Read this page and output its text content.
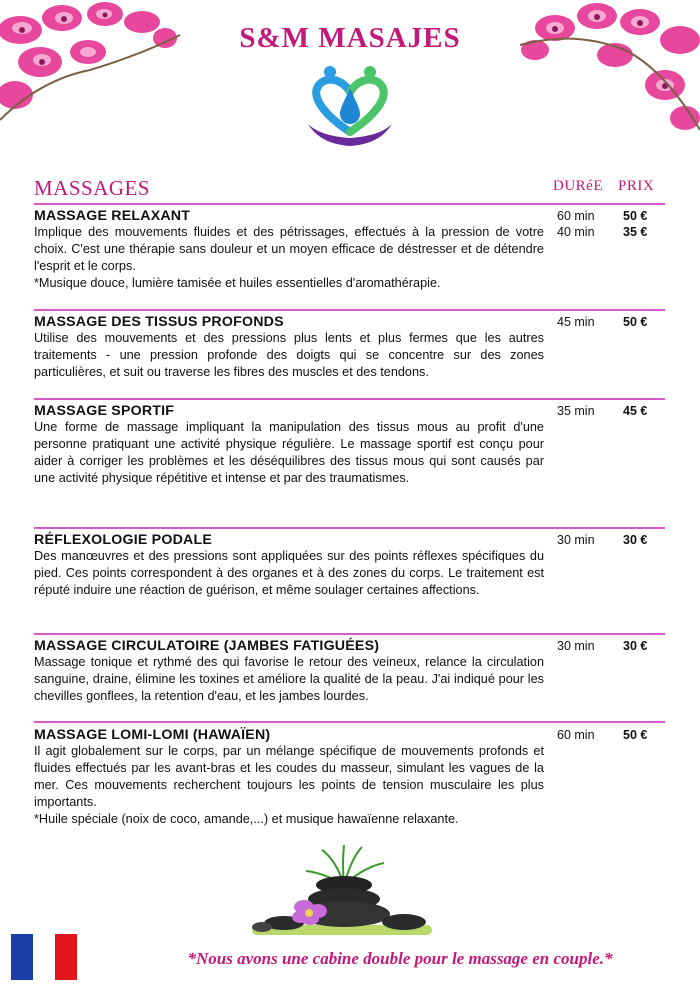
S&M MASAJES
MASSAGES	DURéE PRIX
MASSAGE RELAXANT

Implique des mouvements fluides et des pétrissages, effectués à la pression de votre choix. C'est une thérapie sans douleur et un moyen efficace de déstresser et de détendre l'esprit et le corps.

*Musique douce, lumière tamisée et huiles essentielles d'aromathérapie.

60 min
40 min
50 €
35 €
MASSAGE DES TISSUS PROFONDS

Utilise des mouvements et des pressions plus lents et plus fermes que les autres traitements - une pression profonde des doigts qui se concentre sur des zones particulières, et suit ou traverse les fibres des muscles et des tendons.

45 min 50 €
MASSAGE SPORTIF

Une forme de massage impliquant la manipulation des tissus mous au profit d'une personne pratiquant une activité physique régulière. Le massage sportif est conçu pour aider à corriger les problèmes et les déséquilibres des tissus mous qui sont causés par une activité physique répétitive et intense et par des traumatismes.

35 min 45 €
RÉFLEXOLOGIE PODALE

Des manœuvres et des pressions sont appliquées sur des points réflexes spécifiques du pied. Ces points correspondent à des organes et à des zones du corps. Le traitement est réputé induire une réaction de guérison, et même soulager certaines affections.

30 min 30 €
MASSAGE CIRCULATOIRE (JAMBES FATIGUÉES)

Massage tonique et rythmé des qui favorise le retour des veineux, relance la circulation sanguine, draine, élimine les toxines et améliore la qualité de la peau. J'ai indiqué pour les chevilles gonflees, la retention d'eau, et les jambes lourdes.

30 min 30 €
MASSAGE LOMI-LOMI (HAWAÏEN)

Il agit globalement sur le corps, par un mélange spécifique de mouvements profonds et fluides effectués par les avant-bras et les coudes du masseur, simulant les vagues de la mer. Ces mouvements recherchent toujours les points de tension musculaire les plus importants.

*Huile spéciale (noix de coco, amande,...) et musique hawaïenne relaxante.

60 min 50 €
*Nous avons une cabine double pour le massage en couple.*
